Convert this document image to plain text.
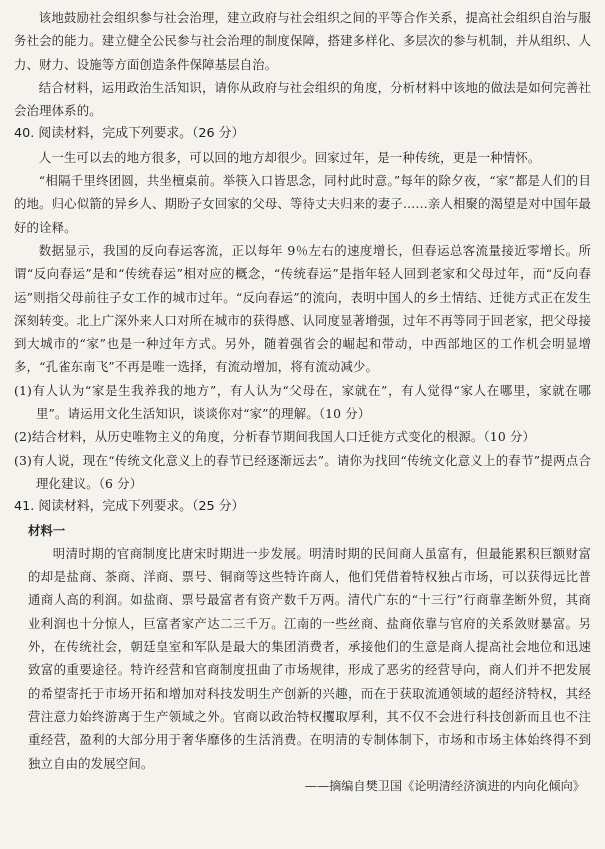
该地鼓励社会组织参与社会治理，建立政府与社会组织之间的平等合作关系，提高社会组织自治与服务社会的能力。建立健全公民参与社会治理的制度保障，搭建多样化、多层次的参与机制，并从组织、人力、财力、设施等方面创造条件保障基层自治。

结合材料，运用政治生活知识，请你从政府与社会组织的角度，分析材料中该地的做法是如何完善社会治理体系的。

40. 阅读材料，完成下列要求。（26 分）

人一生可以去的地方很多，可以回的地方却很少。回家过年，是一种传统，更是一种情怀。

“相隔千里终团圆，共坐檀桌前。举筷入口皆思念，同村此时意。”每年的除夕夜，“家”都是人们的目的地。归心似箭的异乡人、期盼子女回家的父母、等待丈夫归来的妻子……亲人相聚的渴望是对中国年最好的诠释。

数据显示，我国的反向春运客流，正以每年 9％左右的速度增长，但春运总客流量接近零增长。所谓“反向春运”是和“传统春运”相对应的概念，“传统春运”是指年轻人回到老家和父母过年，而“反向春运”则指父母前往子女工作的城市过年。“反向春运”的流向，表明中国人的乡土情结、迁徙方式正在发生深刻转变。北上广深外来人口对所在城市的获得感、认同度显著增强，过年不再等同于回老家，把父母接到大城市的“家”也是一种过年方式。另外，随着强省会的崛起和带动，中西部地区的工作机会明显增多，“孔雀东南飞”不再是唯一选择，有流动增加，将有流动减少。

(1)有人认为“家是生我养我的地方”，有人认为“父母在，家就在”，有人觉得“家人在哪里，家就在哪里”。请运用文化生活知识，谈谈你对“家”的理解。（10 分）

(2)结合材料，从历史唯物主义的角度，分析春节期间我国人口迁徙方式变化的根源。（10 分）

(3)有人说，现在“传统文化意义上的春节已经逐渐远去”。请你为找回“传统文化意义上的春节”提两点合理化建议。（6 分）

41. 阅读材料，完成下列要求。（25 分）
材料一

明清时期的官商制度比唐宋时期进一步发展。明清时期的民间商人虽富有，但最能累积巨额财富的却是盐商、茶商、洋商、票号、铜商等这些特许商人，他们凭借着特权独占市场，可以获得远比普通商人高的利润。如盐商、票号最富者有资产数千万两。清代广东的“十三行”行商靠垄断外贸，其商业利润也十分惊人，巨富者家产达二三千万。江南的一些丝商、盐商依靠与官府的关系敛财暴富。另外，在传统社会，朝廷皇室和军队是最大的集团消费者，承接他们的生意是商人提高社会地位和迅速致富的重要途径。特许经营和官商制度扭曲了市场规律，形成了恶劣的经营导向，商人们并不把发展的希望寄托于市场开拓和增加对科技发明生产创新的兴趣，而在于获取流通领域的超经济特权，其经营注意力始终游离于生产领域之外。官商以政治特权攫取厚利，其不仅不会进行科技创新而且也不注重经营，盈利的大部分用于奢华靡侈的生活消费。在明清的专制体制下，市场和市场主体始终得不到独立自由的发展空间。

——摘编自樊卫国《论明清经济演进的内向化倾向》
